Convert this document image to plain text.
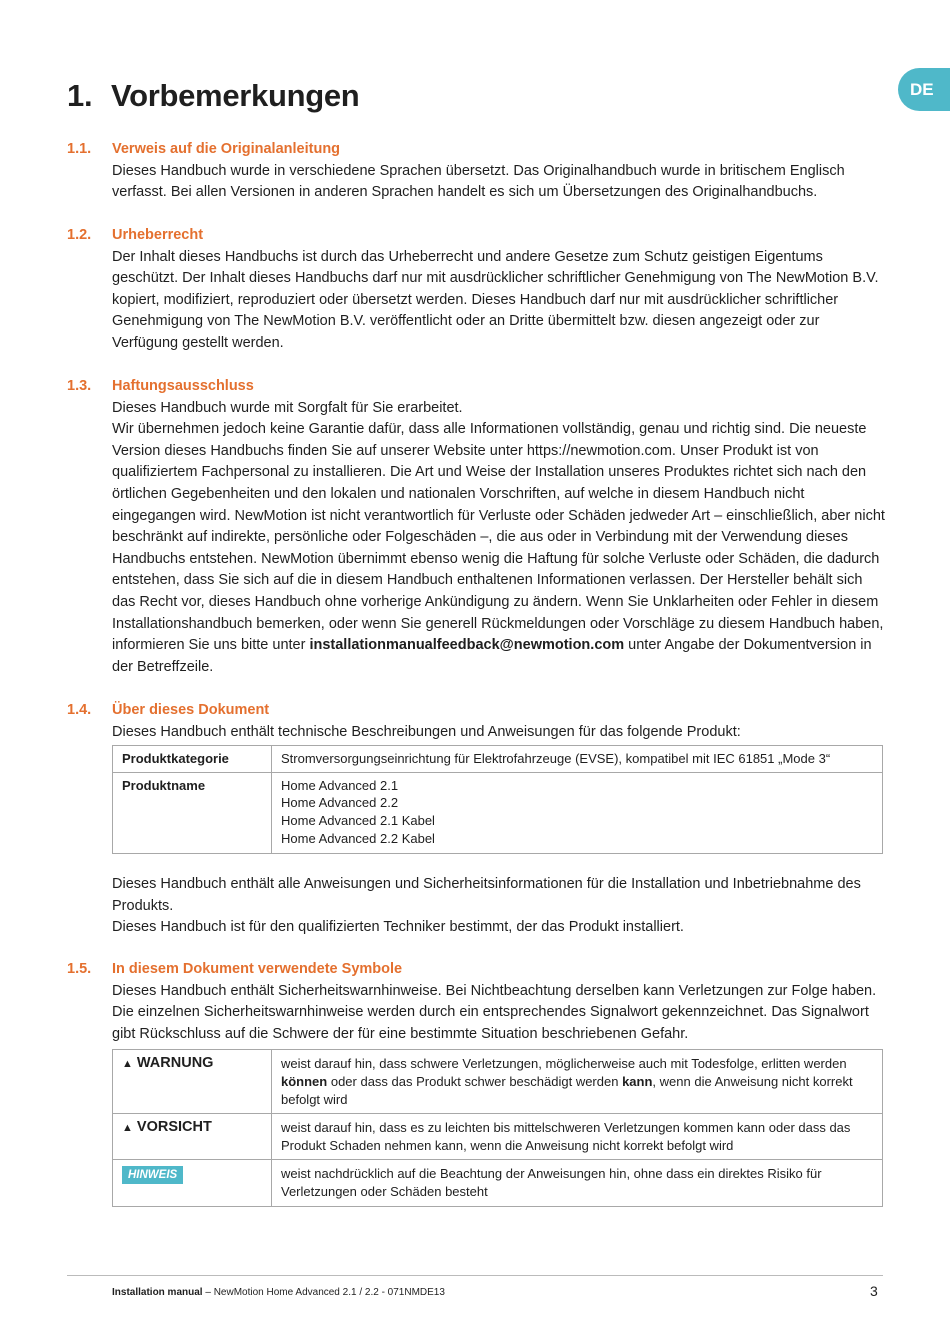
DE
1. Vorbemerkungen
1.1. Verweis auf die Originalanleitung

Dieses Handbuch wurde in verschiedene Sprachen übersetzt. Das Originalhandbuch wurde in britischem Englisch verfasst. Bei allen Versionen in anderen Sprachen handelt es sich um Übersetzungen des Originalhandbuchs.

1.2. Urheberrecht

Der Inhalt dieses Handbuchs ist durch das Urheberrecht und andere Gesetze zum Schutz geistigen Eigentums geschützt. Der Inhalt dieses Handbuchs darf nur mit ausdrücklicher schriftlicher Genehmigung von The NewMotion B.V. kopiert, modifiziert, reproduziert oder übersetzt werden. Dieses Handbuch darf nur mit ausdrücklicher schriftlicher Genehmigung von The NewMotion B.V. veröffentlicht oder an Dritte übermittelt bzw. diesen angezeigt oder zur Verfügung gestellt werden.

1.3. Haftungsausschluss

Dieses Handbuch wurde mit Sorgfalt für Sie erarbeitet.

Wir übernehmen jedoch keine Garantie dafür, dass alle Informationen vollständig, genau und richtig sind. Die neueste Version dieses Handbuchs finden Sie auf unserer Website unter https://newmotion.com. Unser Produkt ist von qualifiziertem Fachpersonal zu installieren. Die Art und Weise der Installation unseres Produktes richtet sich nach den örtlichen Gegebenheiten und den lokalen und nationalen Vorschriften, auf welche in diesem Handbuch nicht eingegangen wird. NewMotion ist nicht verantwortlich für Verluste oder Schäden jedweder Art – einschließlich, aber nicht beschränkt auf indirekte, persönliche oder Folgeschäden –, die aus oder in Verbindung mit der Verwendung dieses Handbuchs entstehen. NewMotion übernimmt ebenso wenig die Haftung für solche Verluste oder Schäden, die dadurch entstehen, dass Sie sich auf die in diesem Handbuch enthaltenen Informationen verlassen. Der Hersteller behält sich das Recht vor, dieses Handbuch ohne vorherige Ankündigung zu ändern. Wenn Sie Unklarheiten oder Fehler in diesem Installationshandbuch bemerken, oder wenn Sie generell Rückmeldungen oder Vorschläge zu diesem Handbuch haben, informieren Sie uns bitte unter installationmanualfeedback@newmotion.com unter Angabe der Dokumentversion in der Betreffzeile.

1.4. Über dieses Dokument

Dieses Handbuch enthält technische Beschreibungen und Anweisungen für das folgende Produkt:

Produktkategorie	Stromversorgungseinrichtung für Elektrofahrzeuge (EVSE), kompatibel mit IEC 61851 „Mode 3“
Produktname	Home Advanced 2.1
Home Advanced 2.2
Home Advanced 2.1 Kabel
Home Advanced 2.2 Kabel

Dieses Handbuch enthält alle Anweisungen und Sicherheitsinformationen für die Installation und Inbetriebnahme des Produkts.

Dieses Handbuch ist für den qualifizierten Techniker bestimmt, der das Produkt installiert.

1.5. In diesem Dokument verwendete Symbole

Dieses Handbuch enthält Sicherheitswarnhinweise. Bei Nichtbeachtung derselben kann Verletzungen zur Folge haben. Die einzelnen Sicherheitswarnhinweise werden durch ein entsprechendes Signalwort gekennzeichnet. Das Signalwort gibt Rückschluss auf die Schwere der für eine bestimmte Situation beschriebenen Gefahr.

▲ WARNUNG	weist darauf hin, dass schwere Verletzungen, möglicherweise auch mit Todesfolge, erlitten werden können oder dass das Produkt schwer beschädigt werden kann, wenn die Anweisung nicht korrekt befolgt wird
▲ VORSICHT	weist darauf hin, dass es zu leichten bis mittelschweren Verletzungen kommen kann oder dass das Produkt Schaden nehmen kann, wenn die Anweisung nicht korrekt befolgt wird
HINWEIS	weist nachdrücklich auf die Beachtung der Anweisungen hin, ohne dass ein direktes Risiko für Verletzungen oder Schäden besteht
Installation manual – NewMotion Home Advanced 2.1 / 2.2 - 071NMDE13	3
